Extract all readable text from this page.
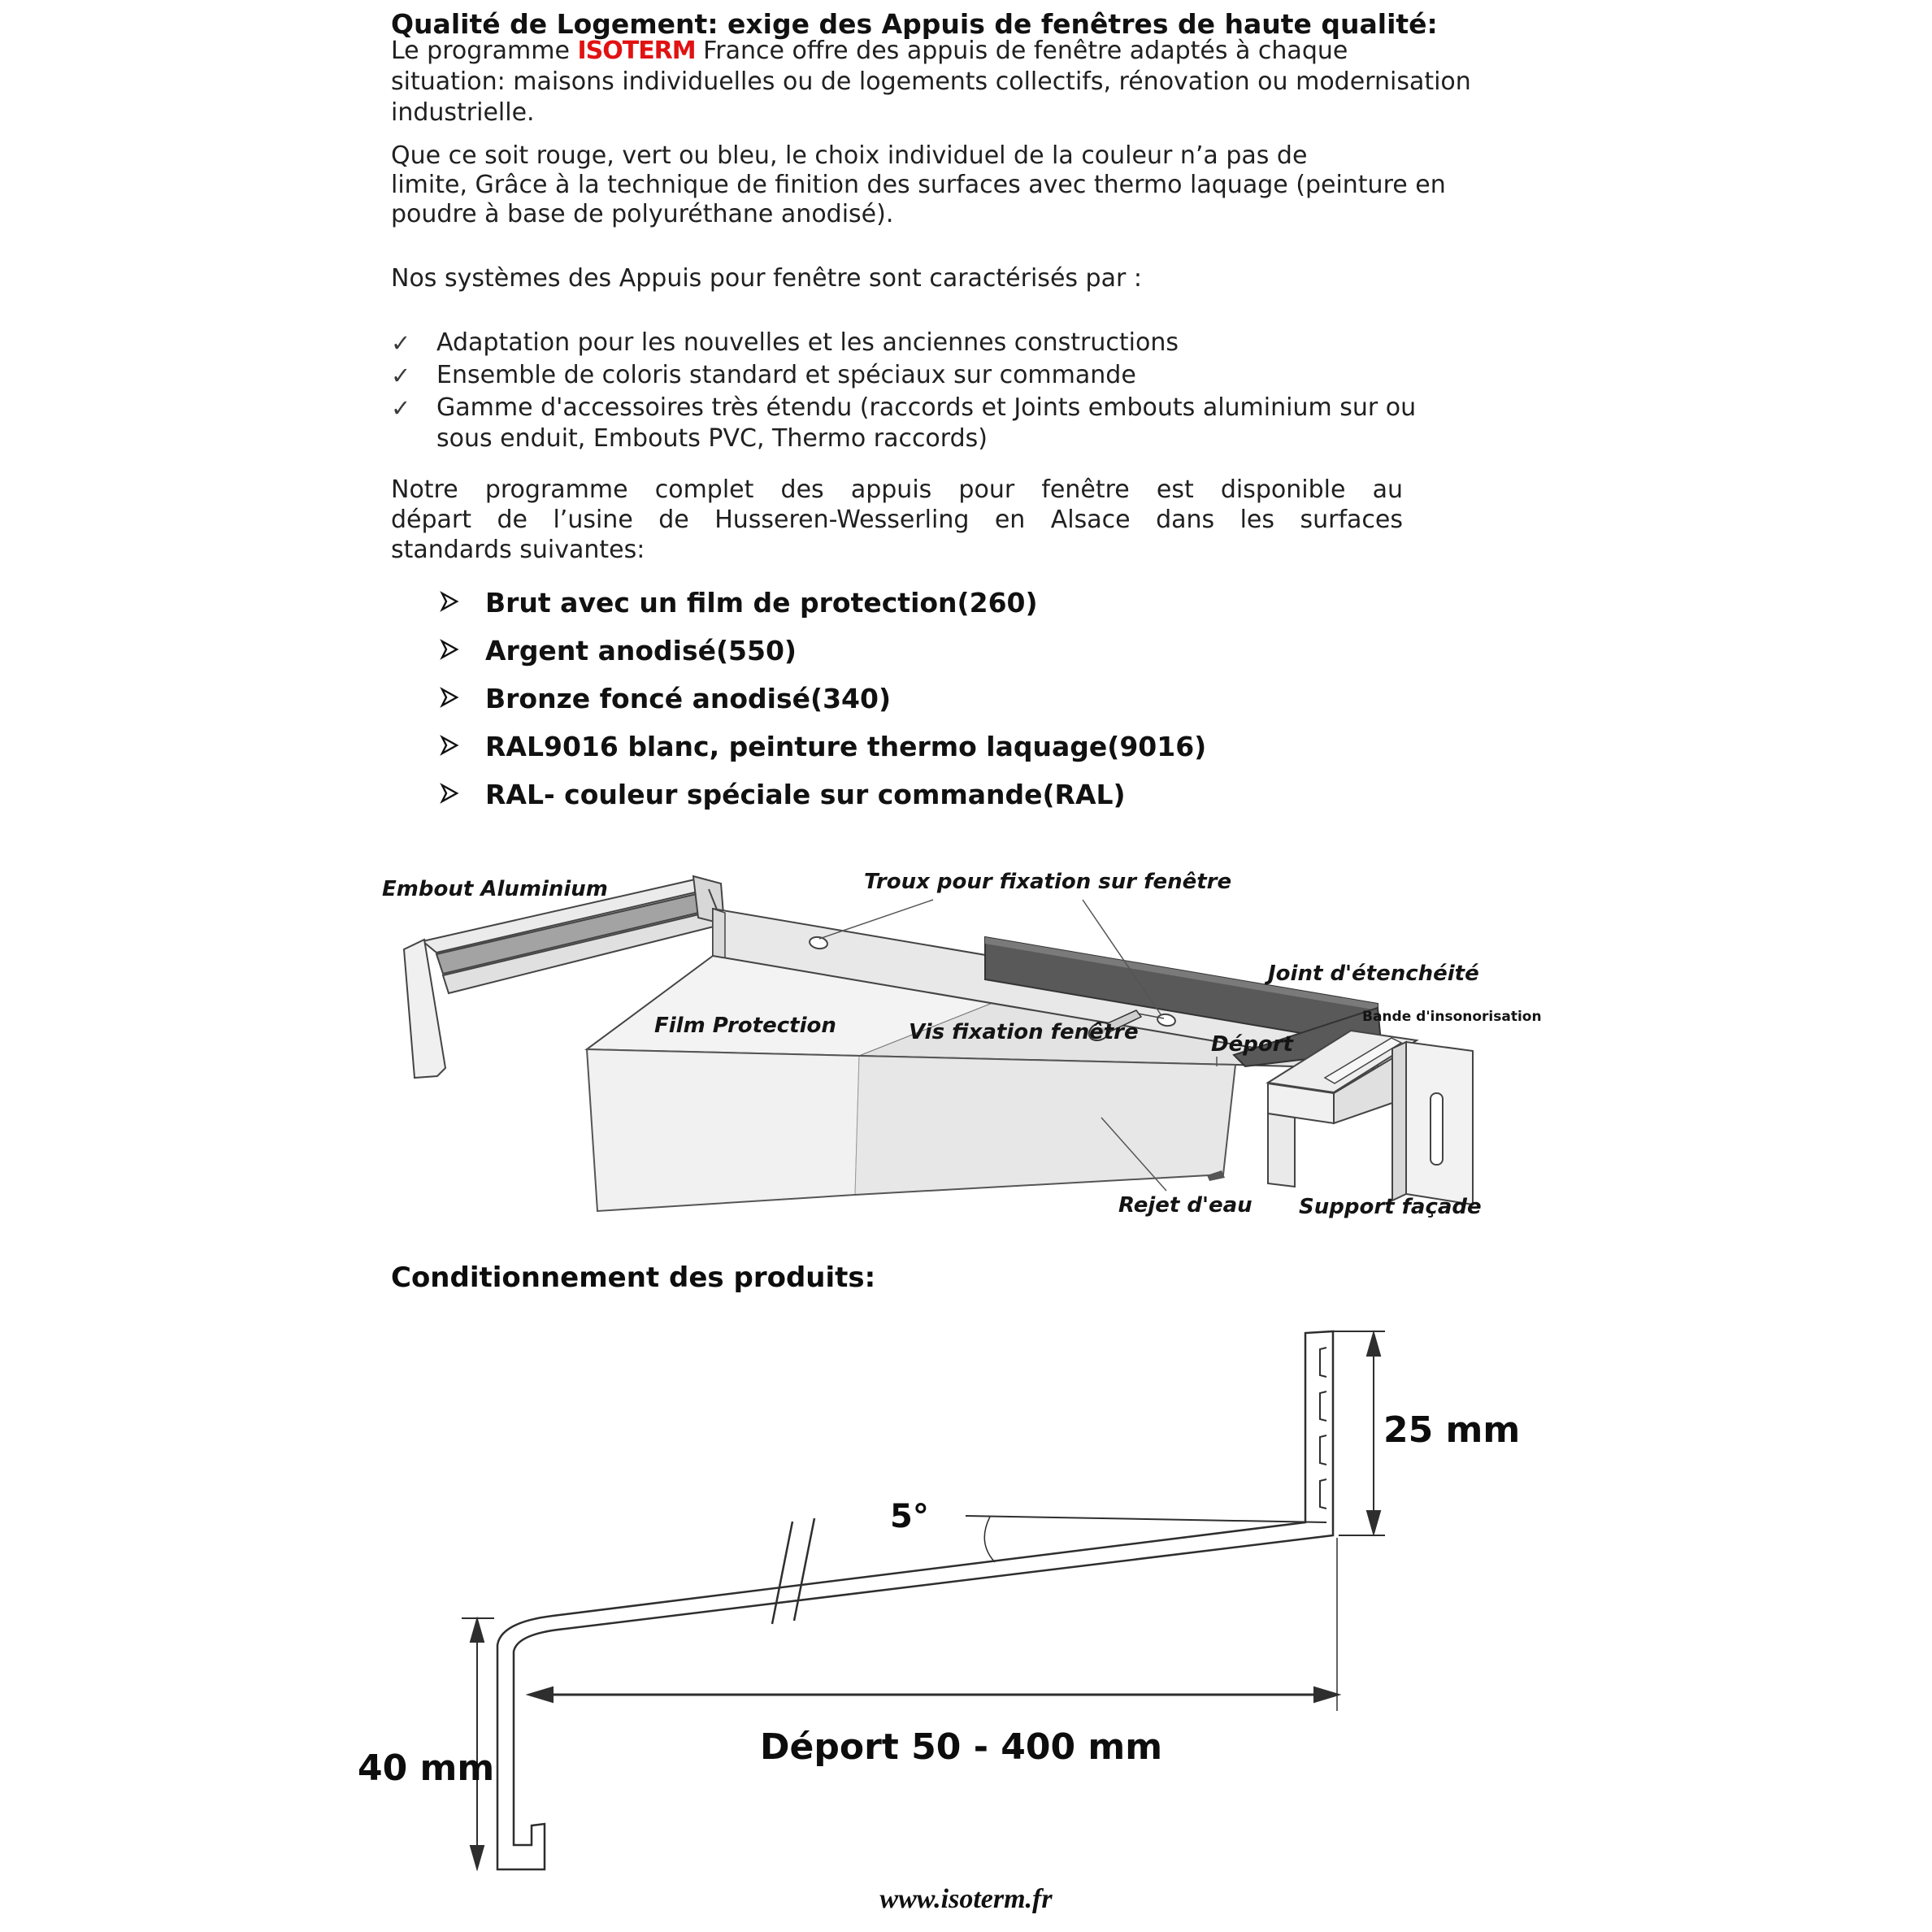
Qualité de Logement: exige des Appuis de fenêtres de haute qualité:
Le programme ISOTERM France offre des appuis de fenêtre adaptés à chaque
situation: maisons individuelles ou de logements collectifs, rénovation ou modernisation
industrielle.
Que ce soit rouge, vert ou bleu, le choix individuel de la couleur n’a pas de
limite, Grâce à la technique de finition des surfaces avec thermo laquage (peinture en
poudre à base de polyuréthane anodisé).
Nos systèmes des Appuis pour fenêtre sont caractérisés par :
✓	Adaptation pour les nouvelles et les anciennes constructions
✓	Ensemble de coloris standard et spéciaux sur commande
✓	Gamme d'accessoires très étendu (raccords et Joints embouts aluminium sur ou
sous enduit, Embouts PVC, Thermo raccords)
Notre programme complet des appuis pour fenêtre est disponible au
départ de l’usine de Husseren-Wesserling en Alsace dans les surfaces
standards suivantes:
Brut avec un film de protection(260)
Argent anodisé(550)
Bronze foncé anodisé(340)
RAL9016 blanc, peinture thermo laquage(9016)
RAL- couleur spéciale sur commande(RAL)
Embout Aluminium	Troux pour fixation sur fenêtre
Joint d'étenchéité
Bande d'insonorisation
Film Protection	Vis fixation fenêtre	Déport
Rejet d'eau Support façade
Conditionnement des produits:
25 mm
5°
40 mm
Déport 50 - 400 mm
www.isoterm.fr
